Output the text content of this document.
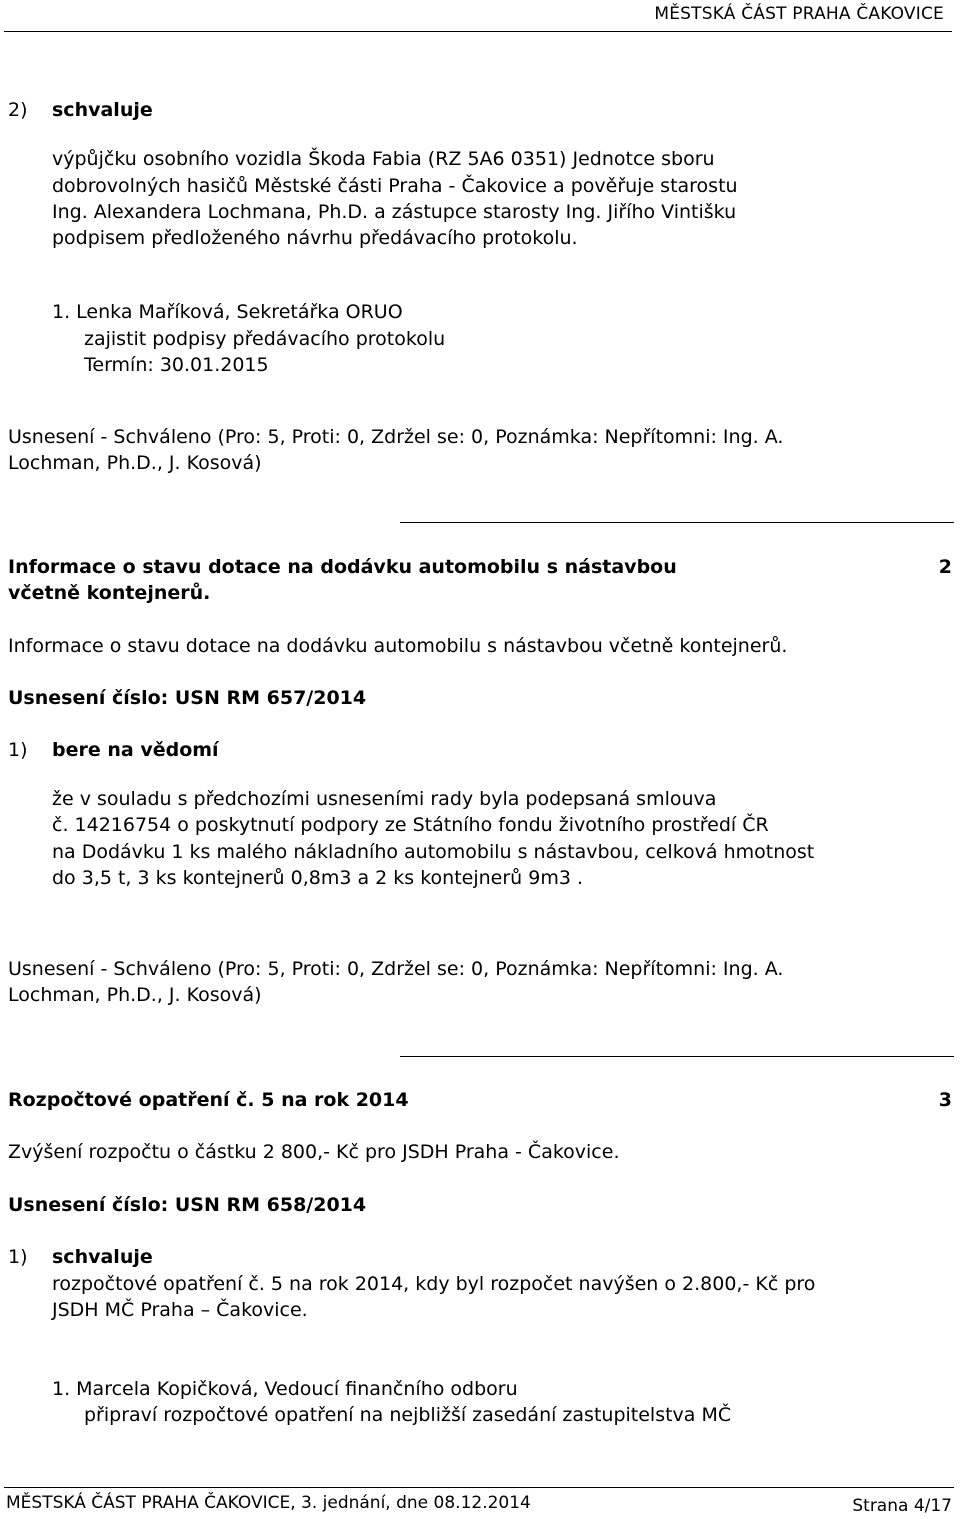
MĚSTSKÁ ČÁST PRAHA ČAKOVICE
2) schvaluje
výpůjčku osobního vozidla Škoda Fabia (RZ 5A6 0351) Jednotce sboru
dobrovolných hasičů Městské části Praha - Čakovice a pověřuje starostu
Ing. Alexandera Lochmana, Ph.D. a zástupce starosty Ing. Jiřího Vintišku
podpisem předloženého návrhu předávacího protokolu.
1. Lenka Maříková, Sekretářka ORUO
zajistit podpisy předávacího protokolu
Termín: 30.01.2015
Usnesení - Schváleno (Pro: 5, Proti: 0, Zdržel se: 0, Poznámka: Nepřítomni: Ing. A.
Lochman, Ph.D., J. Kosová)
Informace o stavu dotace na dodávku automobilu s nástavbou
včetně kontejnerů.
2
Informace o stavu dotace na dodávku automobilu s nástavbou včetně kontejnerů.
Usnesení číslo: USN RM 657/2014
1) bere na vědomí
že v souladu s předchozími usneseními rady byla podepsaná smlouva
č. 14216754 o poskytnutí podpory ze Státního fondu životního prostředí ČR
na Dodávku 1 ks malého nákladního automobilu s nástavbou, celková hmotnost
do 3,5 t, 3 ks kontejnerů 0,8m3 a 2 ks kontejnerů 9m3 .
Usnesení - Schváleno (Pro: 5, Proti: 0, Zdržel se: 0, Poznámka: Nepřítomni: Ing. A.
Lochman, Ph.D., J. Kosová)
Rozpočtové opatření č. 5 na rok 2014	3
Zvýšení rozpočtu o částku 2 800,- Kč pro JSDH Praha - Čakovice.
Usnesení číslo: USN RM 658/2014
1) schvaluje
rozpočtové opatření č. 5 na rok 2014, kdy byl rozpočet navýšen o 2.800,- Kč pro
JSDH MČ Praha – Čakovice.
1. Marcela Kopičková, Vedoucí finančního odboru
připraví rozpočtové opatření na nejbližší zasedání zastupitelstva MČ
MĚSTSKÁ ČÁST PRAHA ČAKOVICE, 3. jednání, dne 08.12.2014	Strana 4/17
